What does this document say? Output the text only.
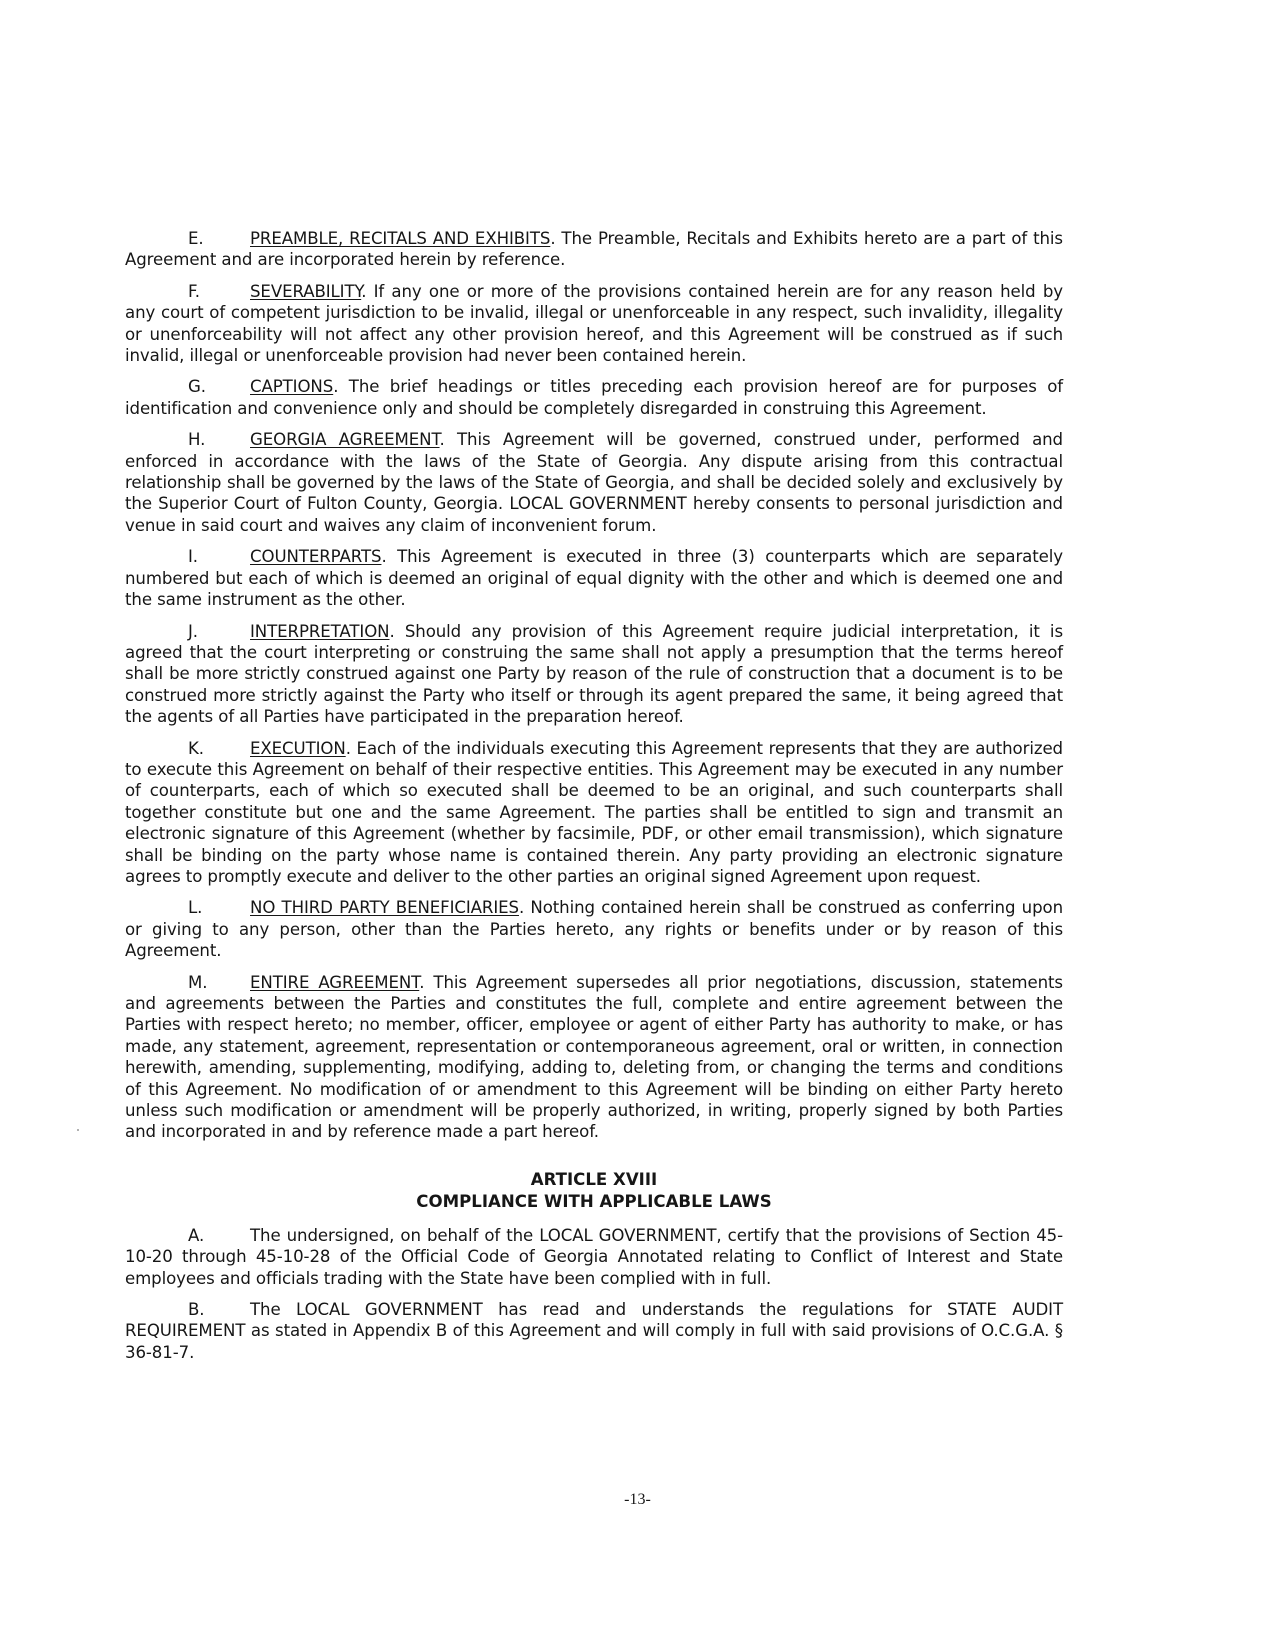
E.	PREAMBLE, RECITALS AND EXHIBITS. The Preamble, Recitals and Exhibits hereto are a part of this Agreement and are incorporated herein by reference.

F.	SEVERABILITY. If any one or more of the provisions contained herein are for any reason held by any court of competent jurisdiction to be invalid, illegal or unenforceable in any respect, such invalidity, illegality or unenforceability will not affect any other provision hereof, and this Agreement will be construed as if such invalid, illegal or unenforceable provision had never been contained herein.

G.	CAPTIONS. The brief headings or titles preceding each provision hereof are for purposes of identification and convenience only and should be completely disregarded in construing this Agreement.

H.	GEORGIA AGREEMENT. This Agreement will be governed, construed under, performed and enforced in accordance with the laws of the State of Georgia. Any dispute arising from this contractual relationship shall be governed by the laws of the State of Georgia, and shall be decided solely and exclusively by the Superior Court of Fulton County, Georgia. LOCAL GOVERNMENT hereby consents to personal jurisdiction and venue in said court and waives any claim of inconvenient forum.

I.	COUNTERPARTS. This Agreement is executed in three (3) counterparts which are separately numbered but each of which is deemed an original of equal dignity with the other and which is deemed one and the same instrument as the other.

J.	INTERPRETATION. Should any provision of this Agreement require judicial interpretation, it is agreed that the court interpreting or construing the same shall not apply a presumption that the terms hereof shall be more strictly construed against one Party by reason of the rule of construction that a document is to be construed more strictly against the Party who itself or through its agent prepared the same, it being agreed that the agents of all Parties have participated in the preparation hereof.

K.	EXECUTION. Each of the individuals executing this Agreement represents that they are authorized to execute this Agreement on behalf of their respective entities. This Agreement may be executed in any number of counterparts, each of which so executed shall be deemed to be an original, and such counterparts shall together constitute but one and the same Agreement. The parties shall be entitled to sign and transmit an electronic signature of this Agreement (whether by facsimile, PDF, or other email transmission), which signature shall be binding on the party whose name is contained therein. Any party providing an electronic signature agrees to promptly execute and deliver to the other parties an original signed Agreement upon request.

L.	NO THIRD PARTY BENEFICIARIES. Nothing contained herein shall be construed as conferring upon or giving to any person, other than the Parties hereto, any rights or benefits under or by reason of this Agreement.

M.	ENTIRE AGREEMENT. This Agreement supersedes all prior negotiations, discussion, statements and agreements between the Parties and constitutes the full, complete and entire agreement between the Parties with respect hereto; no member, officer, employee or agent of either Party has authority to make, or has made, any statement, agreement, representation or contemporaneous agreement, oral or written, in connection herewith, amending, supplementing, modifying, adding to, deleting from, or changing the terms and conditions of this Agreement. No modification of or amendment to this Agreement will be binding on either Party hereto unless such modification or amendment will be properly authorized, in writing, properly signed by both Parties and incorporated in and by reference made a part hereof.

ARTICLE XVIII
COMPLIANCE WITH APPLICABLE LAWS

A.	The undersigned, on behalf of the LOCAL GOVERNMENT, certify that the provisions of Section 45-10-20 through 45-10-28 of the Official Code of Georgia Annotated relating to Conflict of Interest and State employees and officials trading with the State have been complied with in full.

B.	The LOCAL GOVERNMENT has read and understands the regulations for STATE AUDIT REQUIREMENT as stated in Appendix B of this Agreement and will comply in full with said provisions of O.C.G.A. § 36-81-7.

-13-
